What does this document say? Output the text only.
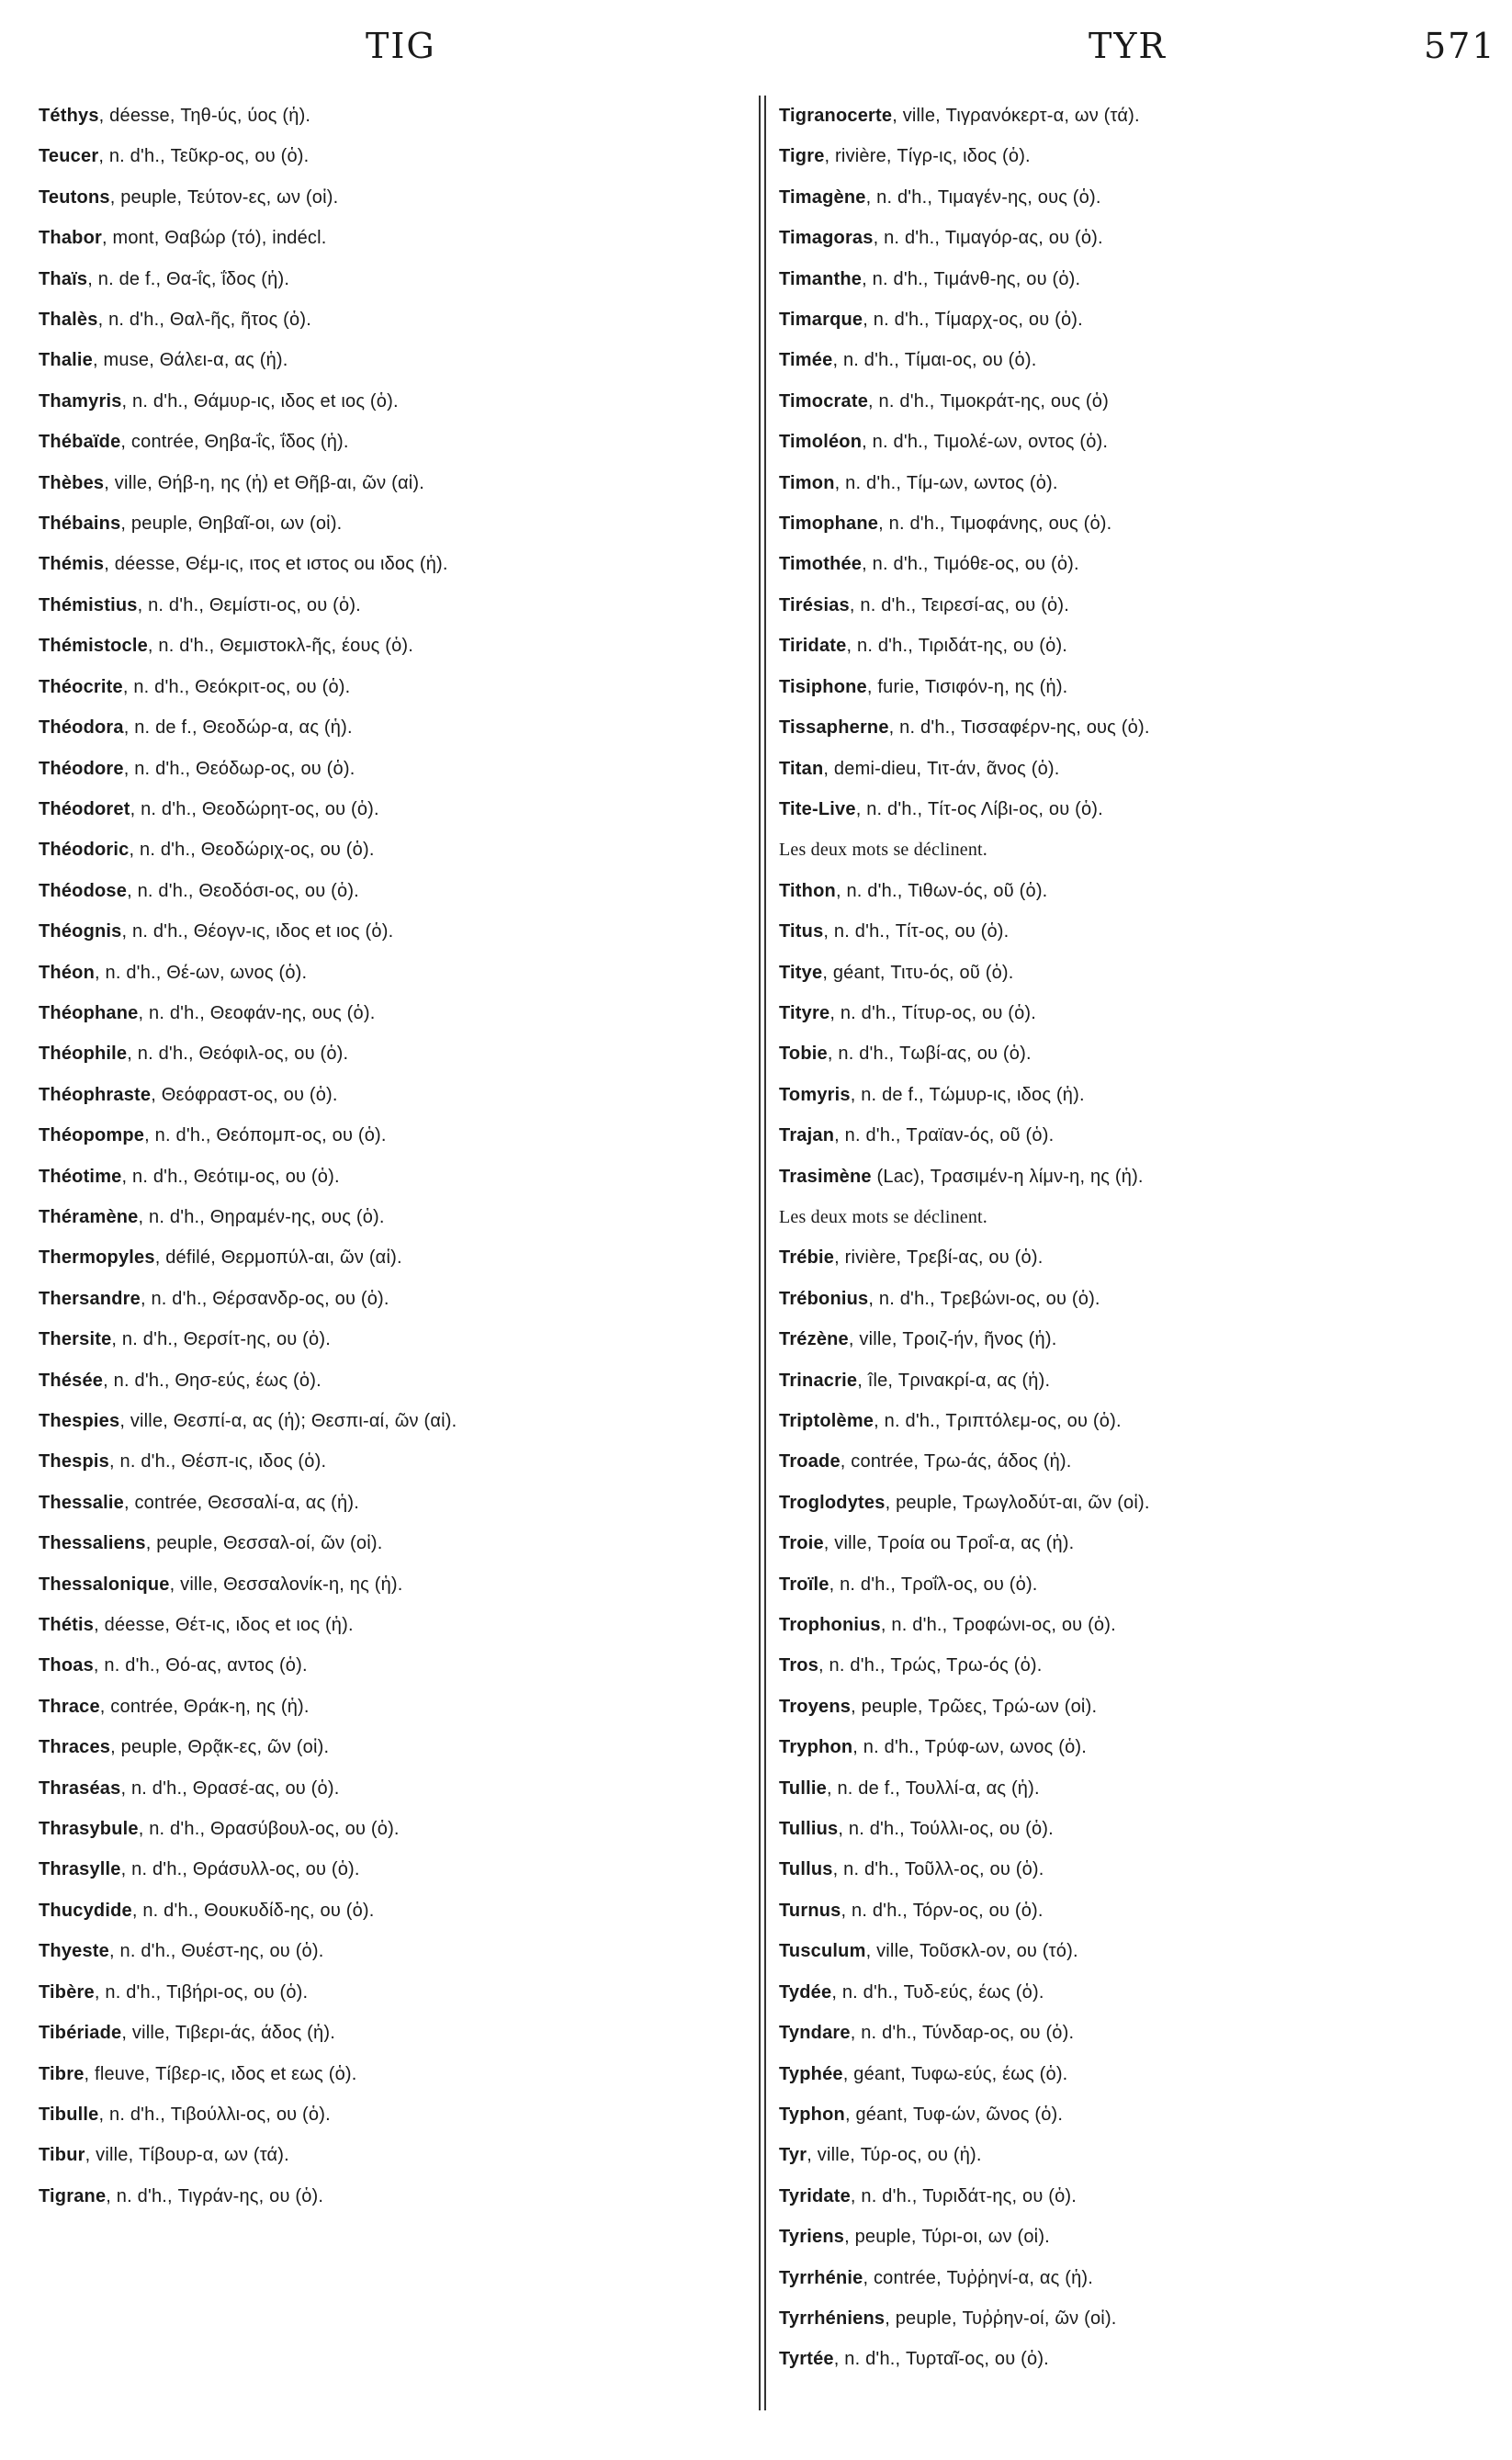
TIG	TYR	571
Téthys, déesse, Τηθ-ύς, ύος (ἡ).
Teucer, n. d'h., Τεῦκρ-ος, ου (ὁ).
Teutons, peuple, Τεύτον-ες, ων (οἱ).
Thabor, mont, Θαβώρ (τό), indécl.
Thaïs, n. de f., Θα-ΐς, ΐδος (ἡ).
Thalès, n. d'h., Θαλ-ῆς, ῆτος (ὁ).
Thalie, muse, Θάλει-α, ας (ἡ).
Thamyris, n. d'h., Θάμυρ-ις, ιδος et ιος (ὁ).
Thébaïde, contrée, Θηβα-ΐς, ΐδος (ἡ).
Thèbes, ville, Θήβ-η, ης (ἡ) et Θῆβ-αι, ῶν (αἱ).
Thébains, peuple, Θηβαῖ-οι, ων (οἱ).
Thémis, déesse, Θέμ-ις, ιτος et ιστος ou ιδος (ἡ).
Thémistius, n. d'h., Θεμίστι-ος, ου (ὁ).
Thémistocle, n. d'h., Θεμιστοκλ-ῆς, έους (ὁ).
Théocrite, n. d'h., Θεόκριτ-ος, ου (ὁ).
Théodora, n. de f., Θεοδώρ-α, ας (ἡ).
Théodore, n. d'h., Θεόδωρ-ος, ου (ὁ).
Théodoret, n. d'h., Θεοδώρητ-ος, ου (ὁ).
Théodoric, n. d'h., Θεοδώριχ-ος, ου (ὁ).
Théodose, n. d'h., Θεοδόσι-ος, ου (ὁ).
Théognis, n. d'h., Θέογν-ις, ιδος et ιος (ὁ).
Théon, n. d'h., Θέ-ων, ωνος (ὁ).
Théophane, n. d'h., Θεοφάν-ης, ους (ὁ).
Théophile, n. d'h., Θεόφιλ-ος, ου (ὁ).
Théophraste, Θεόφραστ-ος, ου (ὁ).
Théopompe, n. d'h., Θεόπομπ-ος, ου (ὁ).
Théotime, n. d'h., Θεότιμ-ος, ου (ὁ).
Théramène, n. d'h., Θηραμέν-ης, ους (ὁ).
Thermopyles, défilé, Θερμοπύλ-αι, ῶν (αἱ).
Thersandre, n. d'h., Θέρσανδρ-ος, ου (ὁ).
Thersite, n. d'h., Θερσίτ-ης, ου (ὁ).
Thésée, n. d'h., Θησ-εύς, έως (ὁ).
Thespies, ville, Θεσπί-α, ας (ἡ); Θεσπι-αί, ῶν (αἱ).
Thespis, n. d'h., Θέσπ-ις, ιδος (ὁ).
Thessalie, contrée, Θεσσαλί-α, ας (ἡ).
Thessaliens, peuple, Θεσσαλ-οί, ῶν (οἱ).
Thessalonique, ville, Θεσσαλονίκ-η, ης (ἡ).
Thétis, déesse, Θέτ-ις, ιδος et ιος (ἡ).
Thoas, n. d'h., Θό-ας, αντος (ὁ).
Thrace, contrée, Θράκ-η, ης (ἡ).
Thraces, peuple, Θρᾷκ-ες, ῶν (οἱ).
Thraséas, n. d'h., Θρασέ-ας, ου (ὁ).
Thrasybule, n. d'h., Θρασύβουλ-ος, ου (ὁ).
Thrasylle, n. d'h., Θράσυλλ-ος, ου (ὁ).
Thucydide, n. d'h., Θουκυδίδ-ης, ου (ὁ).
Thyeste, n. d'h., Θυέστ-ης, ου (ὁ).
Tibère, n. d'h., Τιβήρι-ος, ου (ὁ).
Tibériade, ville, Τιβερι-άς, άδος (ἡ).
Tibre, fleuve, Τίβερ-ις, ιδος et εως (ὁ).
Tibulle, n. d'h., Τιβούλλι-ος, ου (ὁ).
Tibur, ville, Τίβουρ-α, ων (τά).
Tigrane, n. d'h., Τιγράν-ης, ου (ὁ).
Tigranocerte, ville, Τιγρανόκερτ-α, ων (τά).
Tigre, rivière, Τίγρ-ις, ιδος (ὁ).
Timagène, n. d'h., Τιμαγέν-ης, ους (ὁ).
Timagoras, n. d'h., Τιμαγόρ-ας, ου (ὁ).
Timanthe, n. d'h., Τιμάνθ-ης, ου (ὁ).
Timarque, n. d'h., Τίμαρχ-ος, ου (ὁ).
Timée, n. d'h., Τίμαι-ος, ου (ὁ).
Timocrate, n. d'h., Τιμοκράτ-ης, ους (ὁ)
Timoléon, n. d'h., Τιμολέ-ων, οντος (ὁ).
Timon, n. d'h., Τίμ-ων, ωντος (ὁ).
Timophane, n. d'h., Τιμοφάνης, ους (ὁ).
Timothée, n. d'h., Τιμόθε-ος, ου (ὁ).
Tirésias, n. d'h., Τειρεσί-ας, ου (ὁ).
Tiridate, n. d'h., Τιριδάτ-ης, ου (ὁ).
Tisiphone, furie, Τισιφόν-η, ης (ἡ).
Tissapherne, n. d'h., Τισσαφέρν-ης, ους (ὁ).
Titan, demi-dieu, Τιτ-άν, ᾶνος (ὁ).
Tite-Live, n. d'h., Τίτ-ος Λίβι-ος, ου (ὁ).
Les deux mots se déclinent.
Tithon, n. d'h., Τιθων-ός, οῦ (ὁ).
Titus, n. d'h., Τίτ-ος, ου (ὁ).
Titye, géant, Τιτυ-ός, οῦ (ὁ).
Tityre, n. d'h., Τίτυρ-ος, ου (ὁ).
Tobie, n. d'h., Τωβί-ας, ου (ὁ).
Tomyris, n. de f., Τώμυρ-ις, ιδος (ἡ).
Trajan, n. d'h., Τραϊαν-ός, οῦ (ὁ).
Trasimène (Lac), Τρασιμέν-η λίμν-η, ης (ἡ).
Les deux mots se déclinent.
Trébie, rivière, Τρεβί-ας, ου (ὁ).
Trébonius, n. d'h., Τρεβώνι-ος, ου (ὁ).
Trézène, ville, Τροιζ-ήν, ῆνος (ἡ).
Trinacrie, île, Τρινακρί-α, ας (ἡ).
Triptolème, n. d'h., Τριπτόλεμ-ος, ου (ὁ).
Troade, contrée, Τρω-άς, άδος (ἡ).
Troglodytes, peuple, Τρωγλοδύτ-αι, ῶν (οἱ).
Troie, ville, Τροία ou Τροΐ-α, ας (ἡ).
Troïle, n. d'h., Τροΐλ-ος, ου (ὁ).
Trophonius, n. d'h., Τροφώνι-ος, ου (ὁ).
Tros, n. d'h., Τρώς, Τρω-ός (ὁ).
Troyens, peuple, Τρῶες, Τρώ-ων (οἱ).
Tryphon, n. d'h., Τρύφ-ων, ωνος (ὁ).
Tullie, n. de f., Τουλλί-α, ας (ἡ).
Tullius, n. d'h., Τούλλι-ος, ου (ὁ).
Tullus, n. d'h., Τοῦλλ-ος, ου (ὁ).
Turnus, n. d'h., Τόρν-ος, ου (ὁ).
Tusculum, ville, Τοῦσκλ-ον, ου (τό).
Tydée, n. d'h., Τυδ-εύς, έως (ὁ).
Tyndare, n. d'h., Τύνδαρ-ος, ου (ὁ).
Typhée, géant, Τυφω-εύς, έως (ὁ).
Typhon, géant, Τυφ-ών, ῶνος (ὁ).
Tyr, ville, Τύρ-ος, ου (ἡ).
Tyridate, n. d'h., Τυριδάτ-ης, ου (ὁ).
Tyriens, peuple, Τύρι-οι, ων (οἱ).
Tyrrhénie, contrée, Τυῤῥηνί-α, ας (ἡ).
Tyrrhéniens, peuple, Τυῤῥην-οί, ῶν (οἱ).
Tyrtée, n. d'h., Τυρταῖ-ος, ου (ὁ).
